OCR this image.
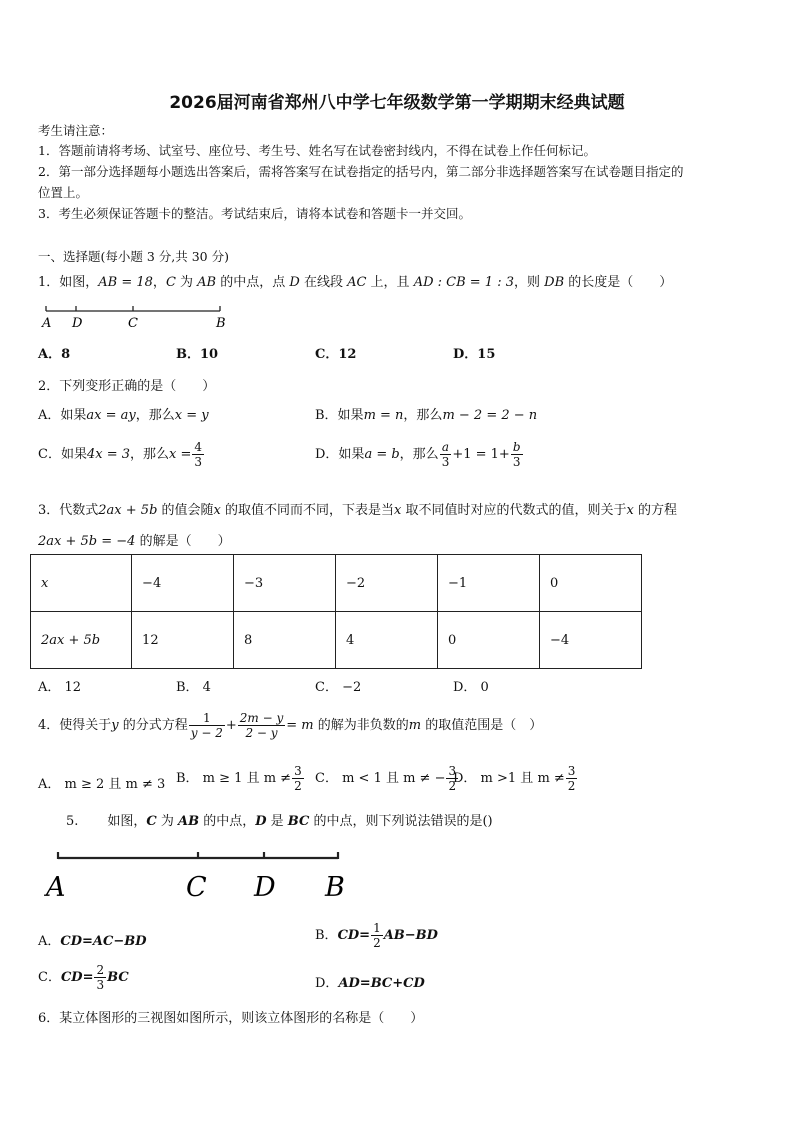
2026届河南省郑州八中学七年级数学第一学期期末经典试题
考生请注意：
1．答题前请将考场、试室号、座位号、考生号、姓名写在试卷密封线内，不得在试卷上作任何标记。
2．第一部分选择题每小题选出答案后，需将答案写在试卷指定的括号内，第二部分非选择题答案写在试卷题目指定的
位置上。
3．考生必须保证答题卡的整洁。考试结束后，请将本试卷和答题卡一并交回。
一、选择题(每小题 3 分,共 30 分)
1．如图，AB = 18，C 为 AB 的中点，点 D 在线段 AC 上，且 AD : CB = 1 : 3，则 DB 的长度是（　　）
A D	C	B
A．8	B．10	C．12	D．15
2．下列变形正确的是（　　）
A．如果ax = ay，那么x = y	B．如果m = n，那么m − 2 = 2 − n
C．如果4x = 3，那么$x = \frac{4}{3}$	D．如果a = b，那么 $\frac{a}{3} +1 = 1+ \frac{b}{3}$
3．代数式2ax + 5b 的值会随x 的取值不同而不同，下表是当x 取不同值时对应的代数式的值，则关于x 的方程
2ax + 5b = −4 的解是（　　）
x	−4	−3	−2	−1	0
2ax + 5b	12	8	4	0	−4
A． 12	B． 4	C． −2	D． 0
4．使得关于y 的分式方程 $\frac{1}{y - 2} + \frac{2m - y}{2 - y} = m$ 的解为非负数的m 的取值范围是（　）
A． m ≥ 2 且 m ≠ 3 B． m ≥ 1 且 $m \ne \frac{3}{2}$ C． m < 1 且 m ≠ − $\frac{3}{2}$
D． m >1 且 $m \ne \frac{3}{2}$
5. 如图，C 为 AB 的中点，D 是 BC 的中点，则下列说法错误的是()
A	C D B
A．CD=AC−BD	B．$CD= \frac{1}{2} AB-BD$
C．$CD= \frac{2}{3}$ BC	D．AD=BC+CD
6．某立体图形的三视图如图所示，则该立体图形的名称是（　　）
